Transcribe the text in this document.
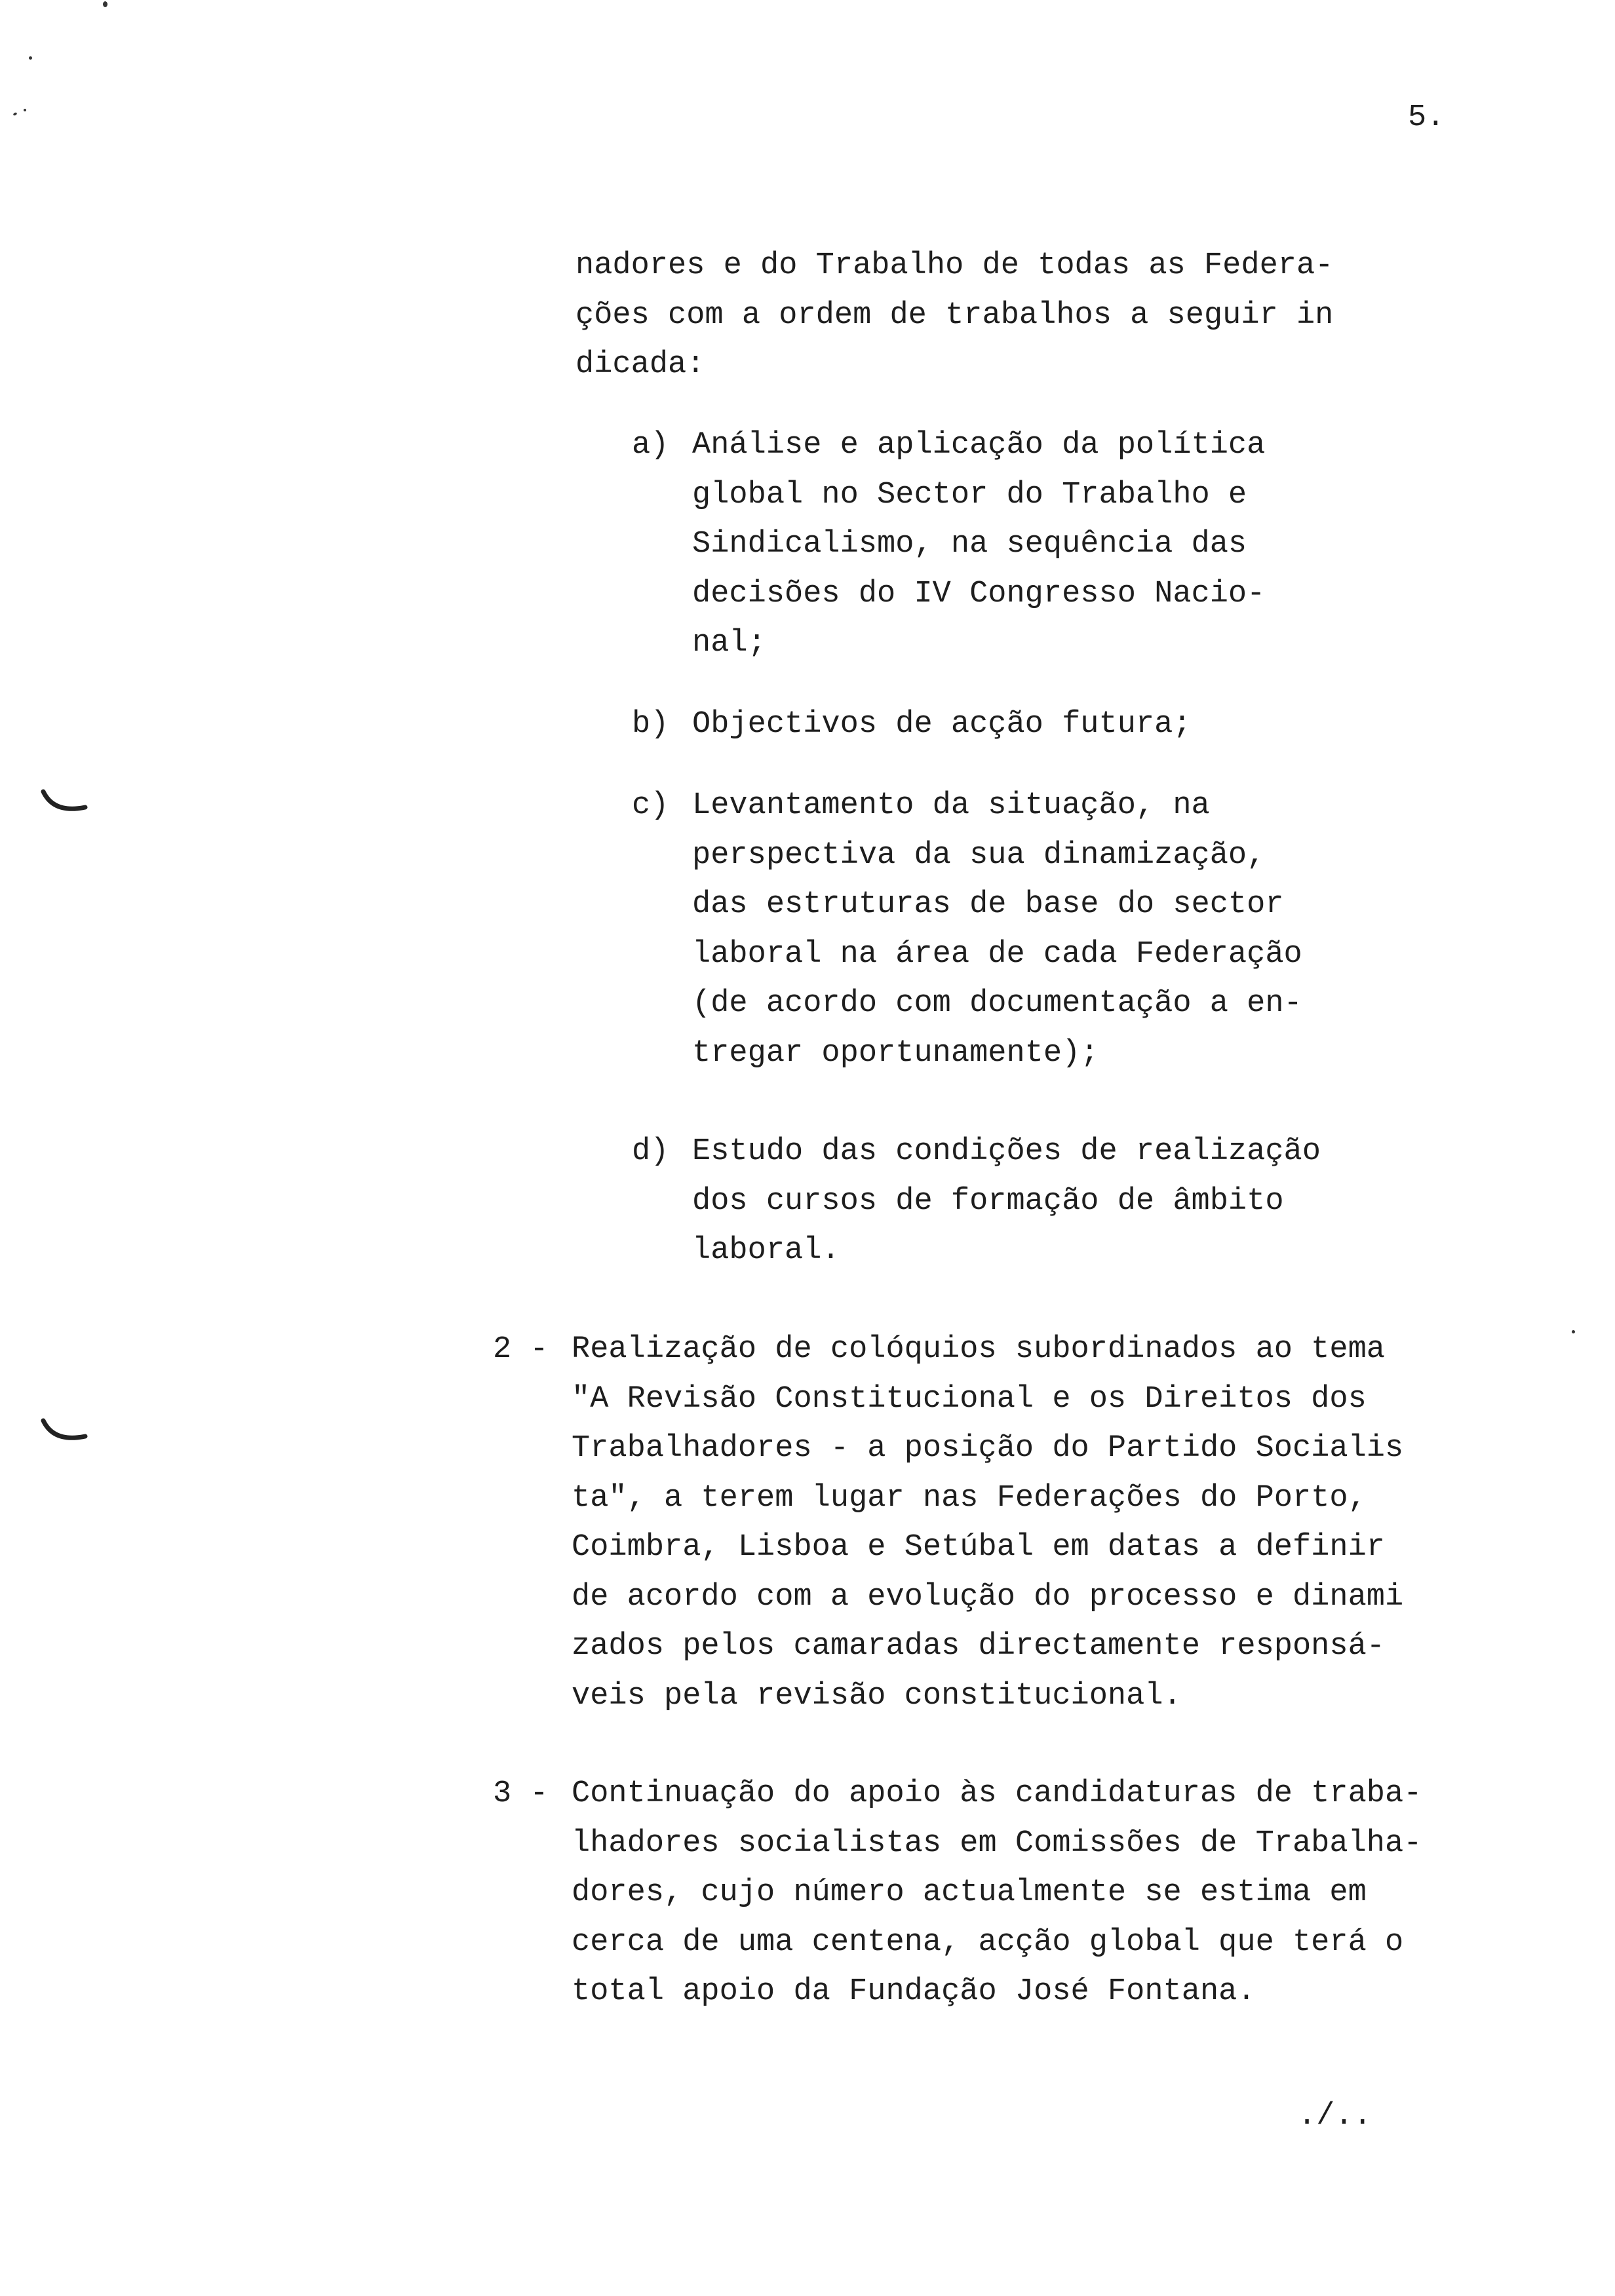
5.
nadores e do Trabalho de todas as Federa-
ções com a ordem de trabalhos a seguir in
dicada:
a) Análise e aplicação da política
global no Sector do Trabalho e
Sindicalismo, na sequência das
decisões do IV Congresso Nacio-
nal;
b) Objectivos de acção futura;
c) Levantamento da situação, na
perspectiva da sua dinamização,
das estruturas de base do sector
laboral na área de cada Federação
(de acordo com documentação a en-
tregar oportunamente);
d) Estudo das condições de realização
dos cursos de formação de âmbito
laboral.
2 - Realização de colóquios subordinados ao tema
"A Revisão Constitucional e os Direitos dos
Trabalhadores - a posição do Partido Socialis
ta", a terem lugar nas Federações do Porto,
Coimbra, Lisboa e Setúbal em datas a definir
de acordo com a evolução do processo e dinami
zados pelos camaradas directamente responsá-
veis pela revisão constitucional.
3 - Continuação do apoio às candidaturas de traba-
lhadores socialistas em Comissões de Trabalha-
dores, cujo número actualmente se estima em
cerca de uma centena, acção global que terá o
total apoio da Fundação José Fontana.
./..
